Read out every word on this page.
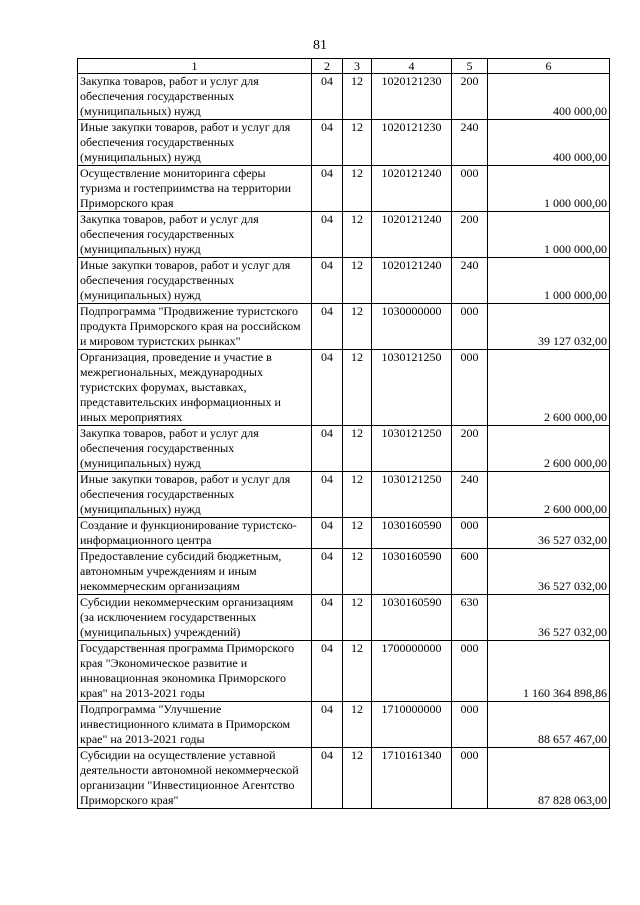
81
1	2	3	4	5	6
Закупка товаров, работ и услуг для обеспечения государственных (муниципальных) нужд	04	12	1020121230	200	400 000,00
Иные закупки товаров, работ и услуг для обеспечения государственных (муниципальных) нужд	04	12	1020121230	240	400 000,00
Осуществление мониторинга сферы туризма и гостеприимства на территории Приморского края	04	12	1020121240	000	1 000 000,00
Закупка товаров, работ и услуг для обеспечения государственных (муниципальных) нужд	04	12	1020121240	200	1 000 000,00
Иные закупки товаров, работ и услуг для обеспечения государственных (муниципальных) нужд	04	12	1020121240	240	1 000 000,00
Подпрограмма "Продвижение туристского продукта Приморского края на российском и мировом туристских рынках"	04	12	1030000000	000	39 127 032,00
Организация, проведение и участие в межрегиональных, международных туристских форумах, выставках, представительских информационных и иных мероприятиях	04	12	1030121250	000	2 600 000,00
Закупка товаров, работ и услуг для обеспечения государственных (муниципальных) нужд	04	12	1030121250	200	2 600 000,00
Иные закупки товаров, работ и услуг для обеспечения государственных (муниципальных) нужд	04	12	1030121250	240	2 600 000,00
Создание и функционирование туристско-информационного центра	04	12	1030160590	000	36 527 032,00
Предоставление субсидий бюджетным, автономным учреждениям и иным некоммерческим организациям	04	12	1030160590	600	36 527 032,00
Субсидии некоммерческим организациям (за исключением государственных (муниципальных) учреждений)	04	12	1030160590	630	36 527 032,00
Государственная программа Приморского края "Экономическое развитие и инновационная экономика Приморского края" на 2013-2021 годы	04	12	1700000000	000	1 160 364 898,86
Подпрограмма "Улучшение инвестиционного климата в Приморском крае" на 2013-2021 годы	04	12	1710000000	000	88 657 467,00
Субсидии на осуществление уставной деятельности автономной некоммерческой организации "Инвестиционное Агентство Приморского края"	04	12	1710161340	000	87 828 063,00
